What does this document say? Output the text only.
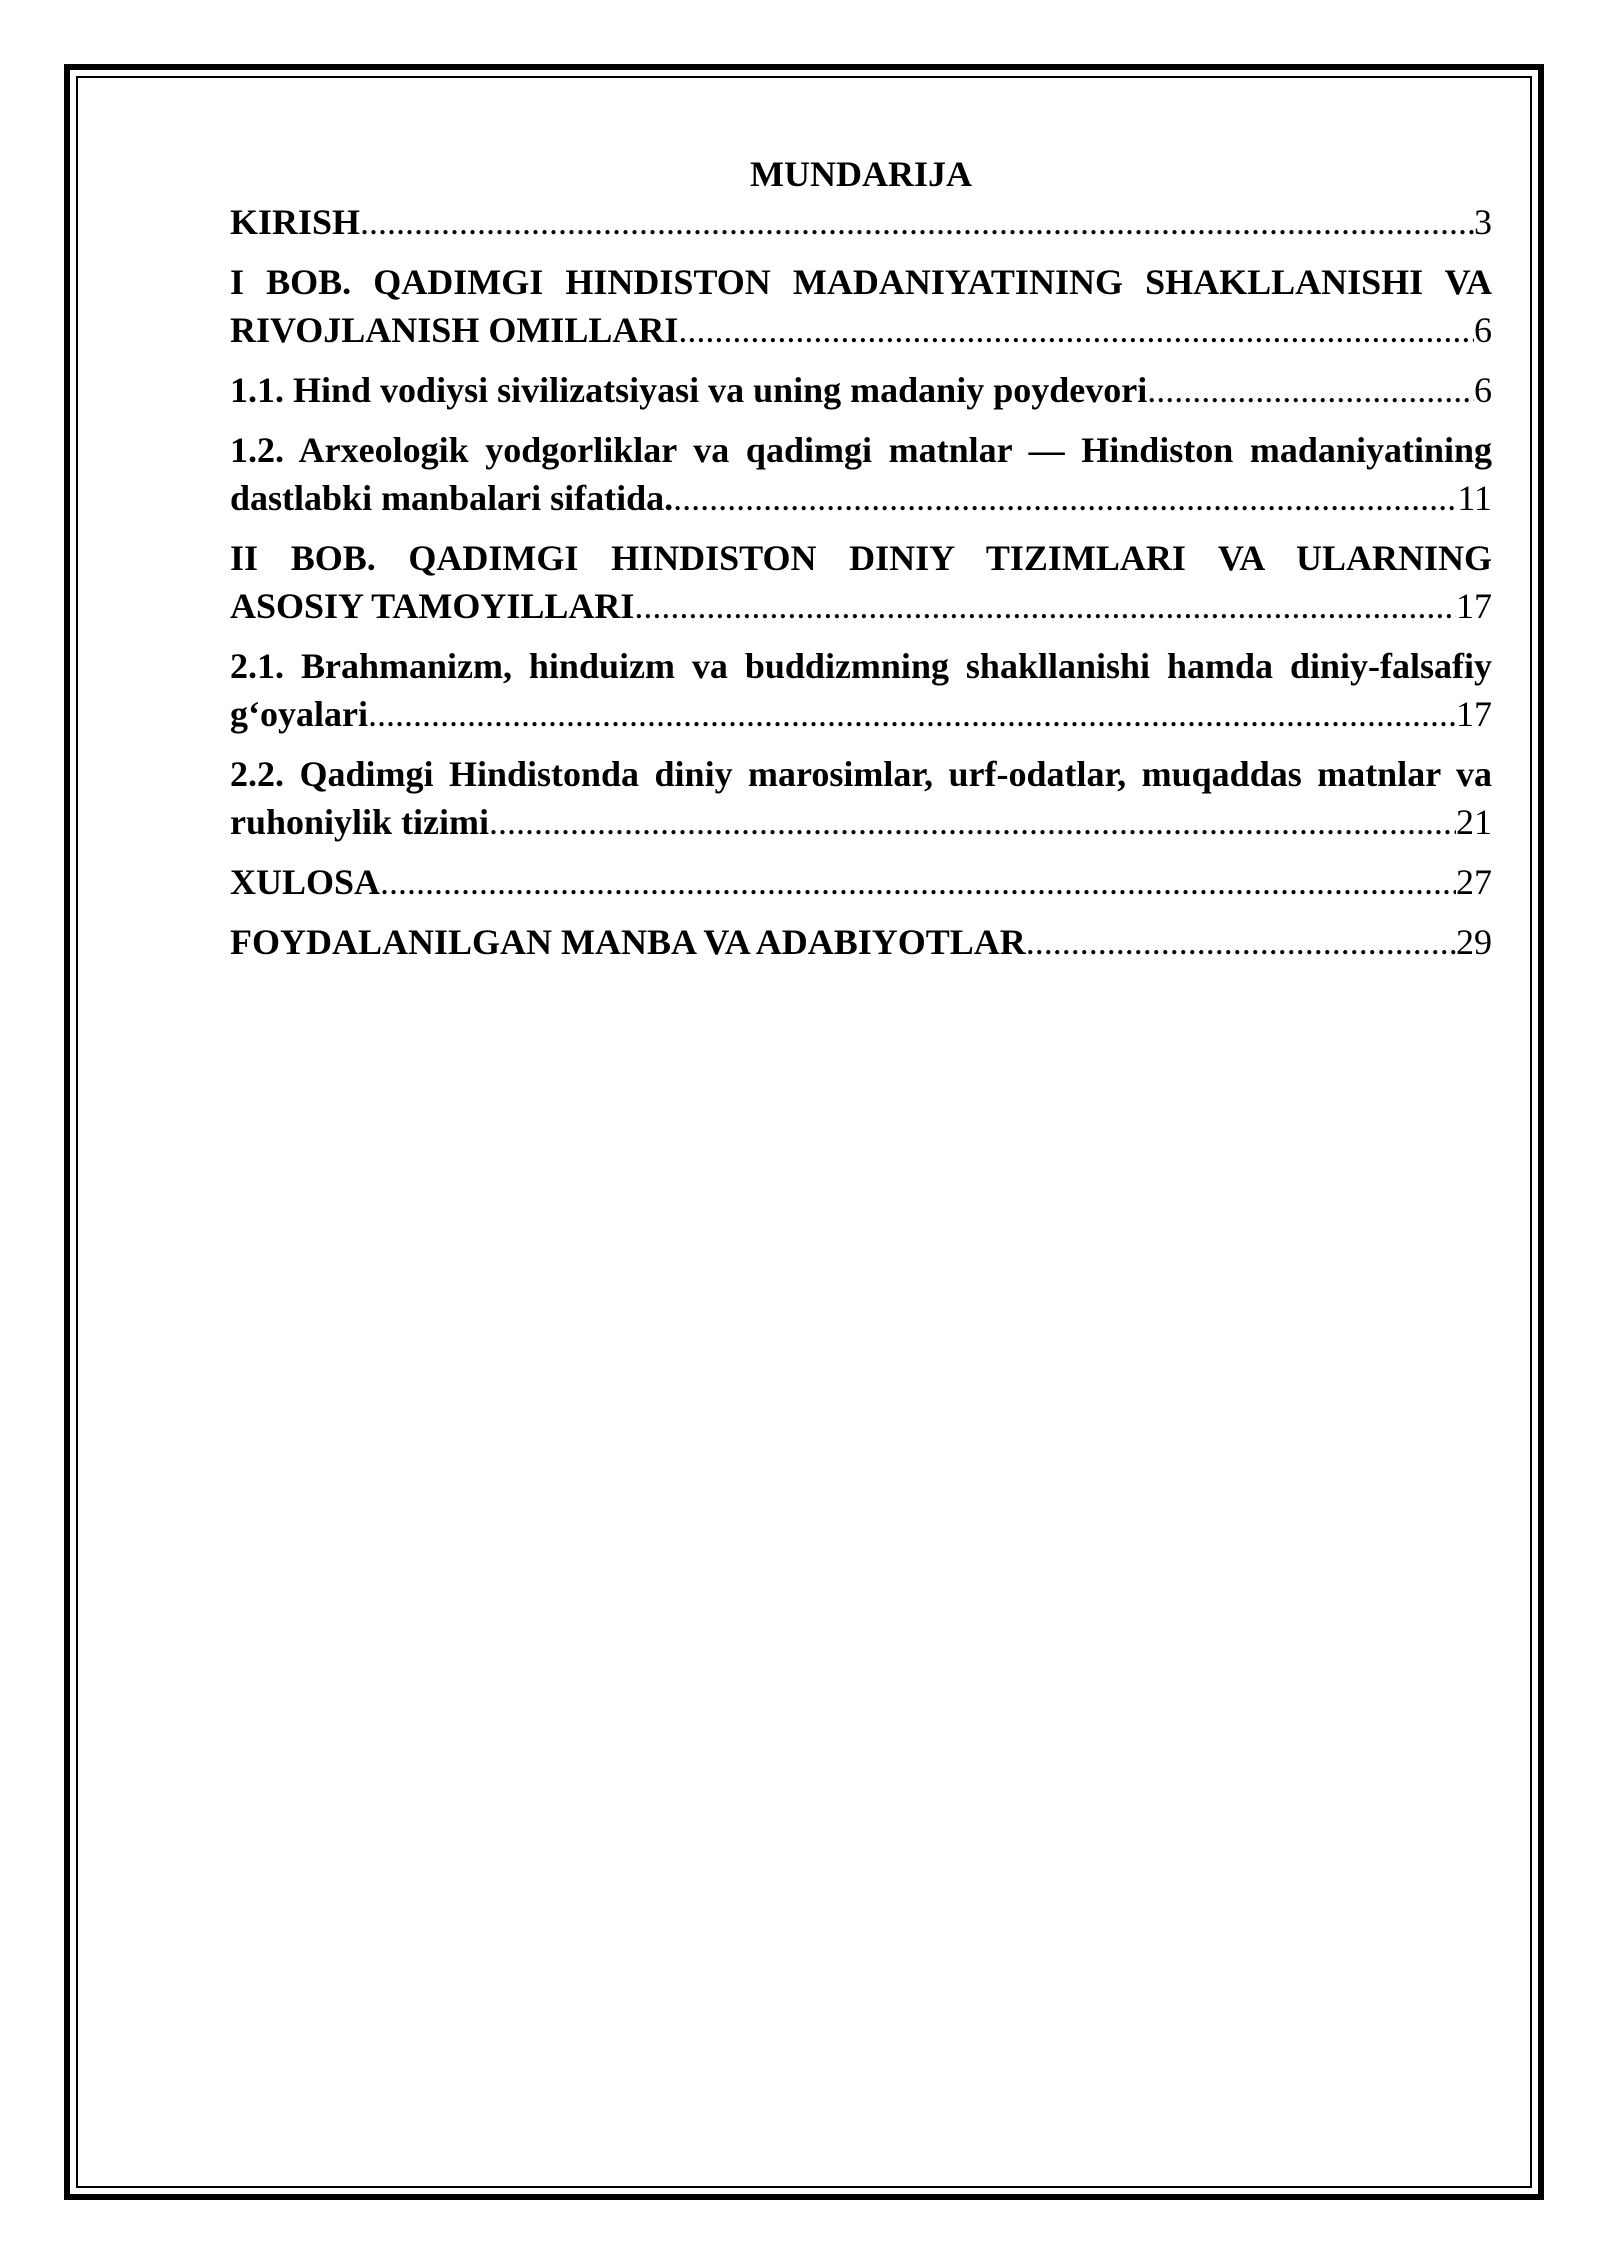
MUNDARIJA
KIRISH .....	3
I BOB. QADIMGI HINDISTON MADANIYATINING SHAKLLANISHI VA
RIVOJLANISH OMILLARI .....	6
1.1. Hind vodiysi sivilizatsiyasi va uning madaniy poydevori .....	6
1.2. Arxeologik yodgorliklar va qadimgi matnlar — Hindiston madaniyatining
dastlabki manbalari sifatida. .....	11
II BOB. QADIMGI HINDISTON DINIY TIZIMLARI VA ULARNING
ASOSIY TAMOYILLARI .....	17
2.1. Brahmanizm, hinduizm va buddizmning shakllanishi hamda diniy-falsafiy
g‘oyalari .....	17
2.2. Qadimgi Hindistonda diniy marosimlar, urf-odatlar, muqaddas matnlar va
ruhoniylik tizimi .....	21
XULOSA .....	27
FOYDALANILGAN MANBA VA ADABIYOTLAR .....	29
